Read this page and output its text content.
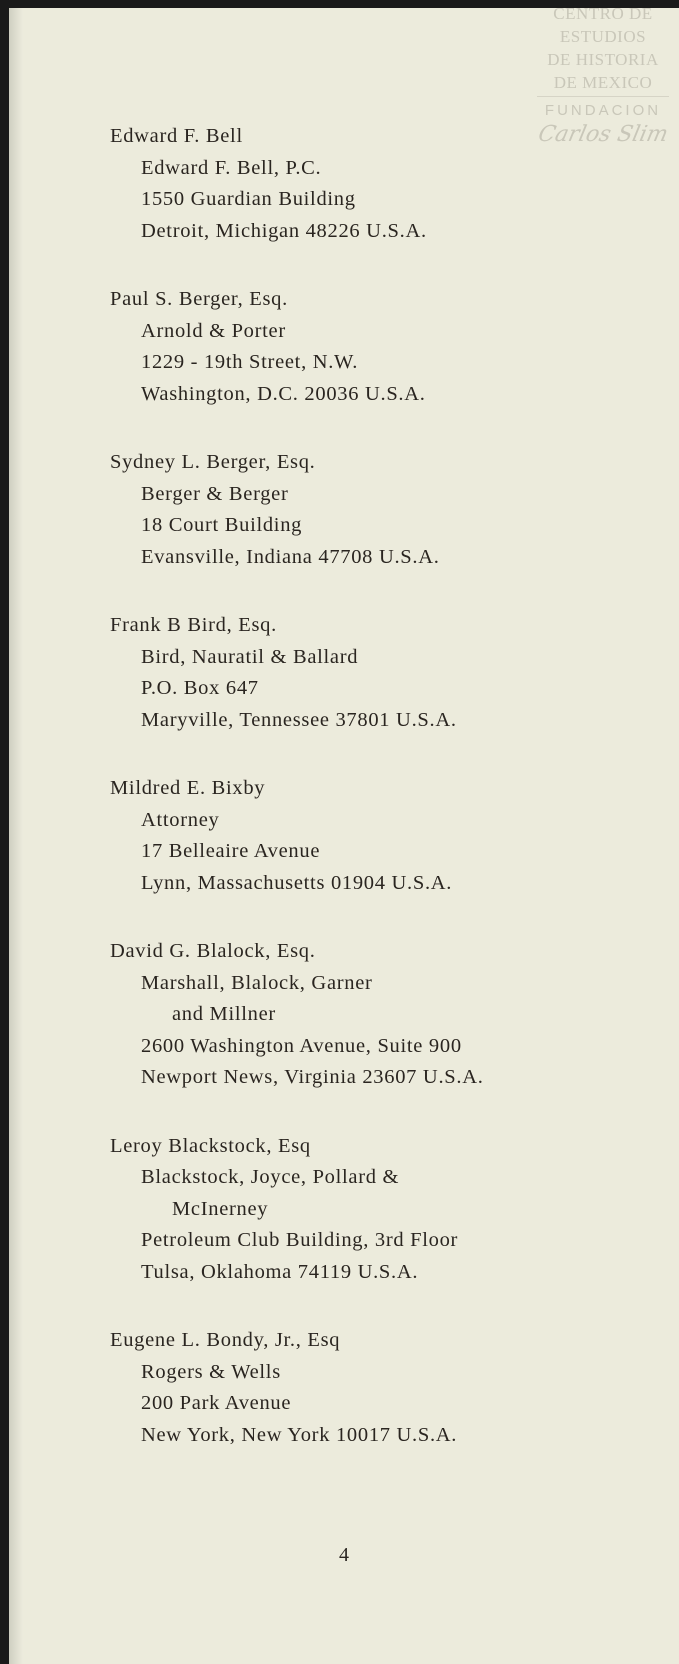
CENTRO DE
ESTUDIOS
DE HISTORIA
DE MEXICO
FUNDACION
Carlos Slim
Edward F. Bell
Edward F. Bell, P.C.
1550 Guardian Building
Detroit, Michigan 48226 U.S.A.
Paul S. Berger, Esq.
Arnold & Porter
1229 - 19th Street, N.W.
Washington, D.C. 20036 U.S.A.
Sydney L. Berger, Esq.
Berger & Berger
18 Court Building
Evansville, Indiana 47708 U.S.A.
Frank B Bird, Esq.
Bird, Nauratil & Ballard
P.O. Box 647
Maryville, Tennessee 37801 U.S.A.
Mildred E. Bixby
Attorney
17 Belleaire Avenue
Lynn, Massachusetts 01904 U.S.A.
David G. Blalock, Esq.
Marshall, Blalock, Garner
and Millner
2600 Washington Avenue, Suite 900
Newport News, Virginia 23607 U.S.A.
Leroy Blackstock, Esq
Blackstock, Joyce, Pollard &
McInerney
Petroleum Club Building, 3rd Floor
Tulsa, Oklahoma 74119 U.S.A.
Eugene L. Bondy, Jr., Esq
Rogers & Wells
200 Park Avenue
New York, New York 10017 U.S.A.
4
